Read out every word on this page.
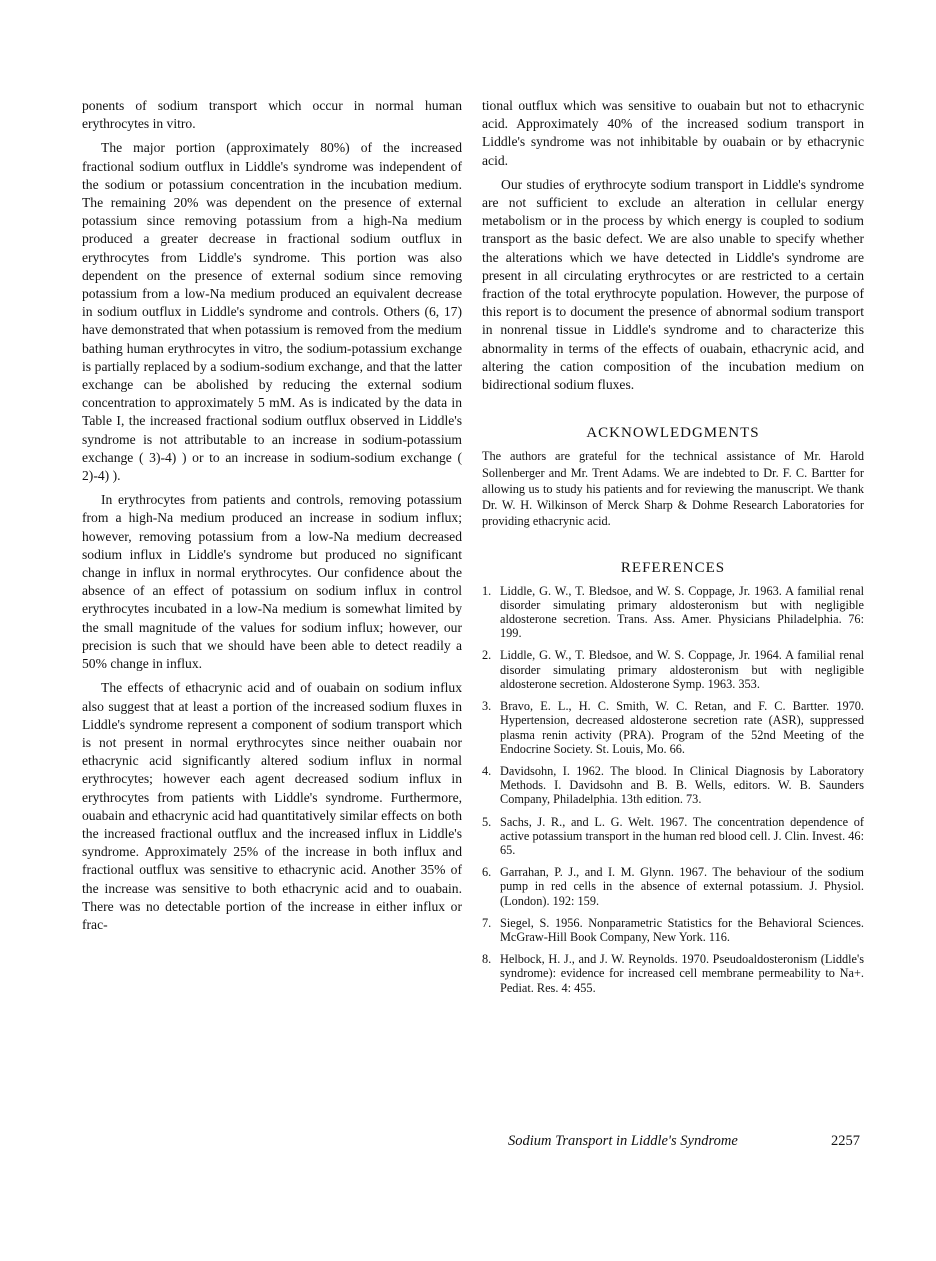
ponents of sodium transport which occur in normal human erythrocytes in vitro.

The major portion (approximately 80%) of the increased fractional sodium outflux in Liddle's syndrome was independent of the sodium or potassium concentration in the incubation medium. The remaining 20% was dependent on the presence of external potassium since removing potassium from a high-Na medium produced a greater decrease in fractional sodium outflux in erythrocytes from Liddle's syndrome. This portion was also dependent on the presence of external sodium since removing potassium from a low-Na medium produced an equivalent decrease in sodium outflux in Liddle's syndrome and controls. Others (6, 17) have demonstrated that when potassium is removed from the medium bathing human erythrocytes in vitro, the sodium-potassium exchange is partially replaced by a sodium-sodium exchange, and that the latter exchange can be abolished by reducing the external sodium concentration to approximately 5 mM. As is indicated by the data in Table I, the increased fractional sodium outflux observed in Liddle's syndrome is not attributable to an increase in sodium-potassium exchange ( 3)-4) ) or to an increase in sodium-sodium exchange ( 2)-4) ).

In erythrocytes from patients and controls, removing potassium from a high-Na medium produced an increase in sodium influx; however, removing potassium from a low-Na medium decreased sodium influx in Liddle's syndrome but produced no significant change in influx in normal erythrocytes. Our confidence about the absence of an effect of potassium on sodium influx in control erythrocytes incubated in a low-Na medium is somewhat limited by the small magnitude of the values for sodium influx; however, our precision is such that we should have been able to detect readily a 50% change in influx.

The effects of ethacrynic acid and of ouabain on sodium influx also suggest that at least a portion of the increased sodium fluxes in Liddle's syndrome represent a component of sodium transport which is not present in normal erythrocytes since neither ouabain nor ethacrynic acid significantly altered sodium influx in normal erythrocytes; however each agent decreased sodium influx in erythrocytes from patients with Liddle's syndrome. Furthermore, ouabain and ethacrynic acid had quantitatively similar effects on both the increased fractional outflux and the increased influx in Liddle's syndrome. Approximately 25% of the increase in both influx and fractional outflux was sensitive to ethacrynic acid. Another 35% of the increase was sensitive to both ethacrynic acid and to ouabain. There was no detectable portion of the increase in either influx or frac-

tional outflux which was sensitive to ouabain but not to ethacrynic acid. Approximately 40% of the increased sodium transport in Liddle's syndrome was not inhibitable by ouabain or by ethacrynic acid.

Our studies of erythrocyte sodium transport in Liddle's syndrome are not sufficient to exclude an alteration in cellular energy metabolism or in the process by which energy is coupled to sodium transport as the basic defect. We are also unable to specify whether the alterations which we have detected in Liddle's syndrome are present in all circulating erythrocytes or are restricted to a certain fraction of the total erythrocyte population. However, the purpose of this report is to document the presence of abnormal sodium transport in nonrenal tissue in Liddle's syndrome and to characterize this abnormality in terms of the effects of ouabain, ethacrynic acid, and altering the cation composition of the incubation medium on bidirectional sodium fluxes.

ACKNOWLEDGMENTS

The authors are grateful for the technical assistance of Mr. Harold Sollenberger and Mr. Trent Adams. We are indebted to Dr. F. C. Bartter for allowing us to study his patients and for reviewing the manuscript. We thank Dr. W. H. Wilkinson of Merck Sharp & Dohme Research Laboratories for providing ethacrynic acid.

REFERENCES
1. Liddle, G. W., T. Bledsoe, and W. S. Coppage, Jr. 1963. A familial renal disorder simulating primary aldosteronism but with negligible aldosterone secretion. Trans. Ass. Amer. Physicians Philadelphia. 76: 199.
2. Liddle, G. W., T. Bledsoe, and W. S. Coppage, Jr. 1964. A familial renal disorder simulating primary aldosteronism but with negligible aldosterone secretion. Aldosterone Symp. 1963. 353.
3. Bravo, E. L., H. C. Smith, W. C. Retan, and F. C. Bartter. 1970. Hypertension, decreased aldosterone secretion rate (ASR), suppressed plasma renin activity (PRA). Program of the 52nd Meeting of the Endocrine Society. St. Louis, Mo. 66.
4. Davidsohn, I. 1962. The blood. In Clinical Diagnosis by Laboratory Methods. I. Davidsohn and B. B. Wells, editors. W. B. Saunders Company, Philadelphia. 13th edition. 73.
5. Sachs, J. R., and L. G. Welt. 1967. The concentration dependence of active potassium transport in the human red blood cell. J. Clin. Invest. 46: 65.
6. Garrahan, P. J., and I. M. Glynn. 1967. The behaviour of the sodium pump in red cells in the absence of external potassium. J. Physiol. (London). 192: 159.
7. Siegel, S. 1956. Nonparametric Statistics for the Behavioral Sciences. McGraw-Hill Book Company, New York. 116.
8. Helbock, H. J., and J. W. Reynolds. 1970. Pseudoaldosteronism (Liddle's syndrome): evidence for increased cell membrane permeability to Na+. Pediat. Res. 4: 455.
Sodium Transport in Liddle's Syndrome	2257
